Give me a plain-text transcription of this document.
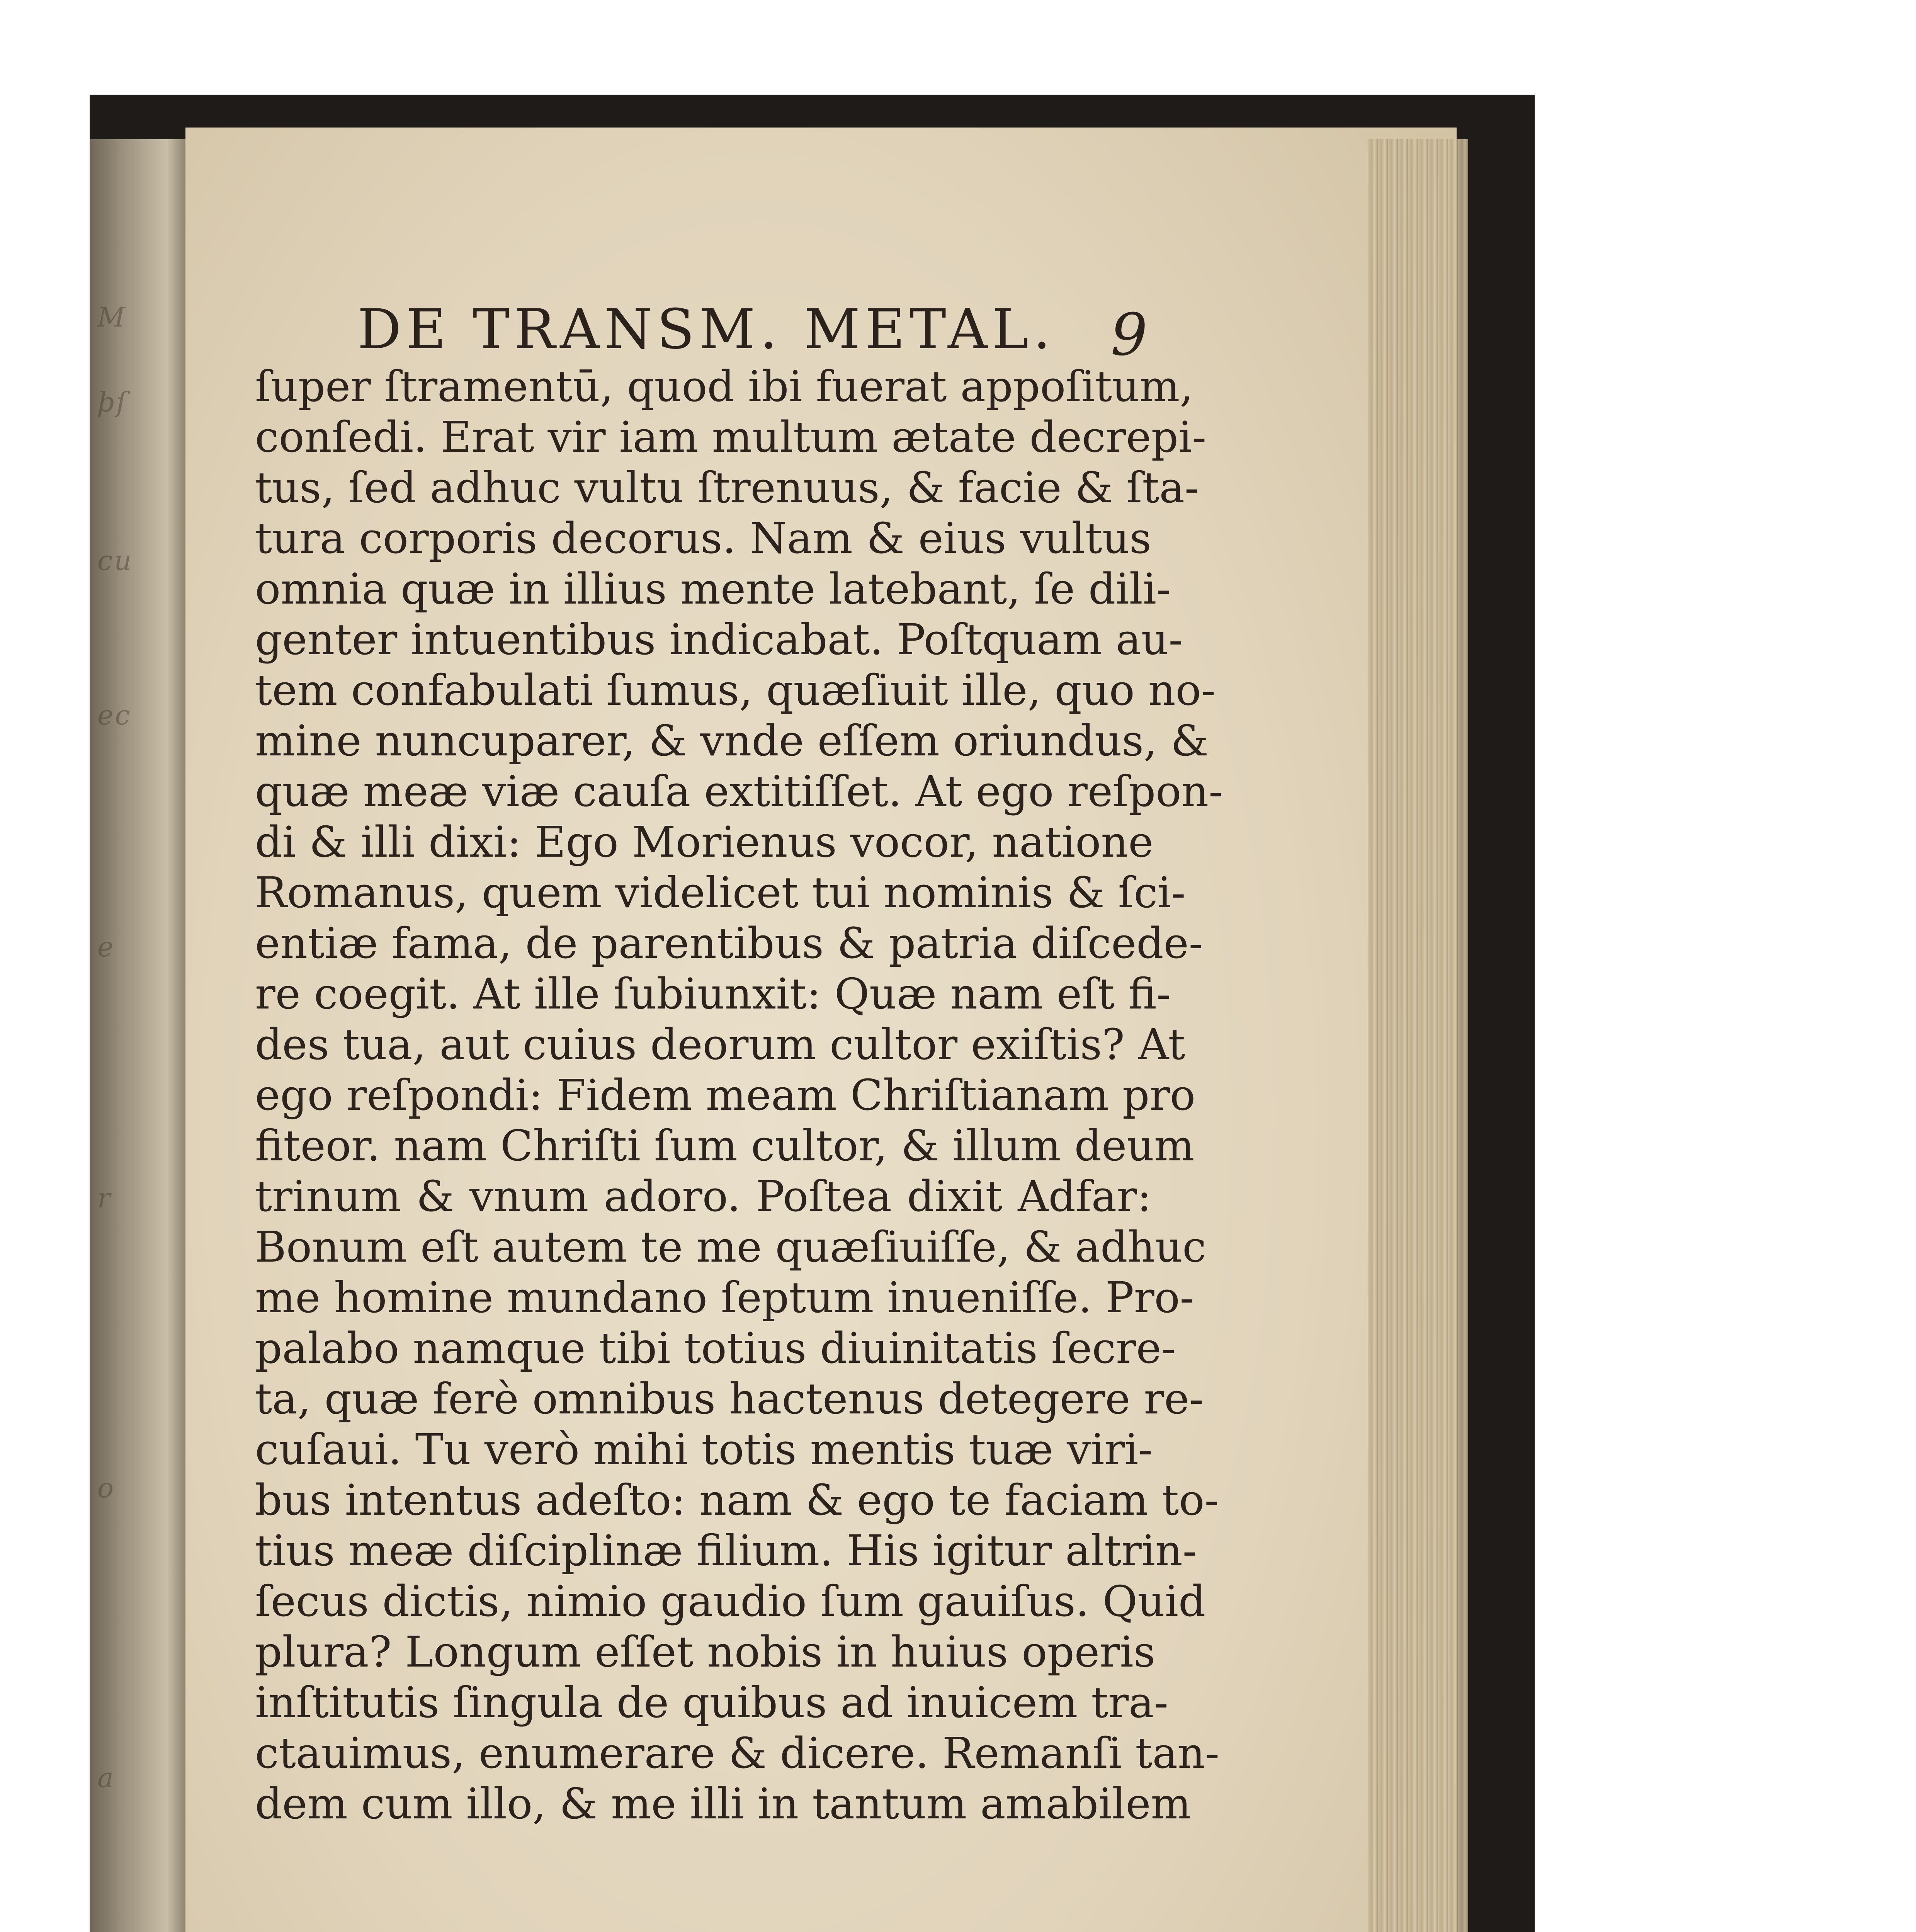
M
þſ
cu
ec
e
r
o
a
DE TRANSM. METAL. 9
ſuper ſtramentū, quod ibi fuerat appoſitum,
conſedi. Erat vir iam multum ætate decrepi-
tus, ſed adhuc vultu ſtrenuus, & facie & ſta-
tura corporis decorus. Nam & eius vultus
omnia quæ in illius mente latebant, ſe dili-
genter intuentibus indicabat. Poſtquam au-
tem confabulati ſumus, quæſiuit ille, quo no-
mine nuncuparer, & vnde eſſem oriundus, &
quæ meæ viæ cauſa extitiſſet. At ego reſpon-
di & illi dixi: Ego Morienus vocor, natione
Romanus, quem videlicet tui nominis & ſci-
entiæ fama, de parentibus & patria diſcede-
re coegit. At ille ſubiunxit: Quæ nam eſt fi-
des tua, aut cuius deorum cultor exiſtis? At
ego reſpondi: Fidem meam Chriſtianam pro
fiteor. nam Chriſti ſum cultor, & illum deum
trinum & vnum adoro. Poſtea dixit Adfar:
Bonum eſt autem te me quæſiuiſſe, & adhuc
me homine mundano ſeptum inueniſſe. Pro-
palabo namque tibi totius diuinitatis ſecre-
ta, quæ ferè omnibus hactenus detegere re-
cuſaui. Tu verò mihi totis mentis tuæ viri-
bus intentus adeſto: nam & ego te faciam to-
tius meæ diſciplinæ filium. His igitur altrin-
ſecus dictis, nimio gaudio ſum gauiſus. Quid
plura? Longum eſſet nobis in huius operis
inſtitutis ſingula de quibus ad inuicem tra-
ctauimus, enumerare & dicere. Remanſi tan-
dem cum illo, & me illi in tantum amabilem
